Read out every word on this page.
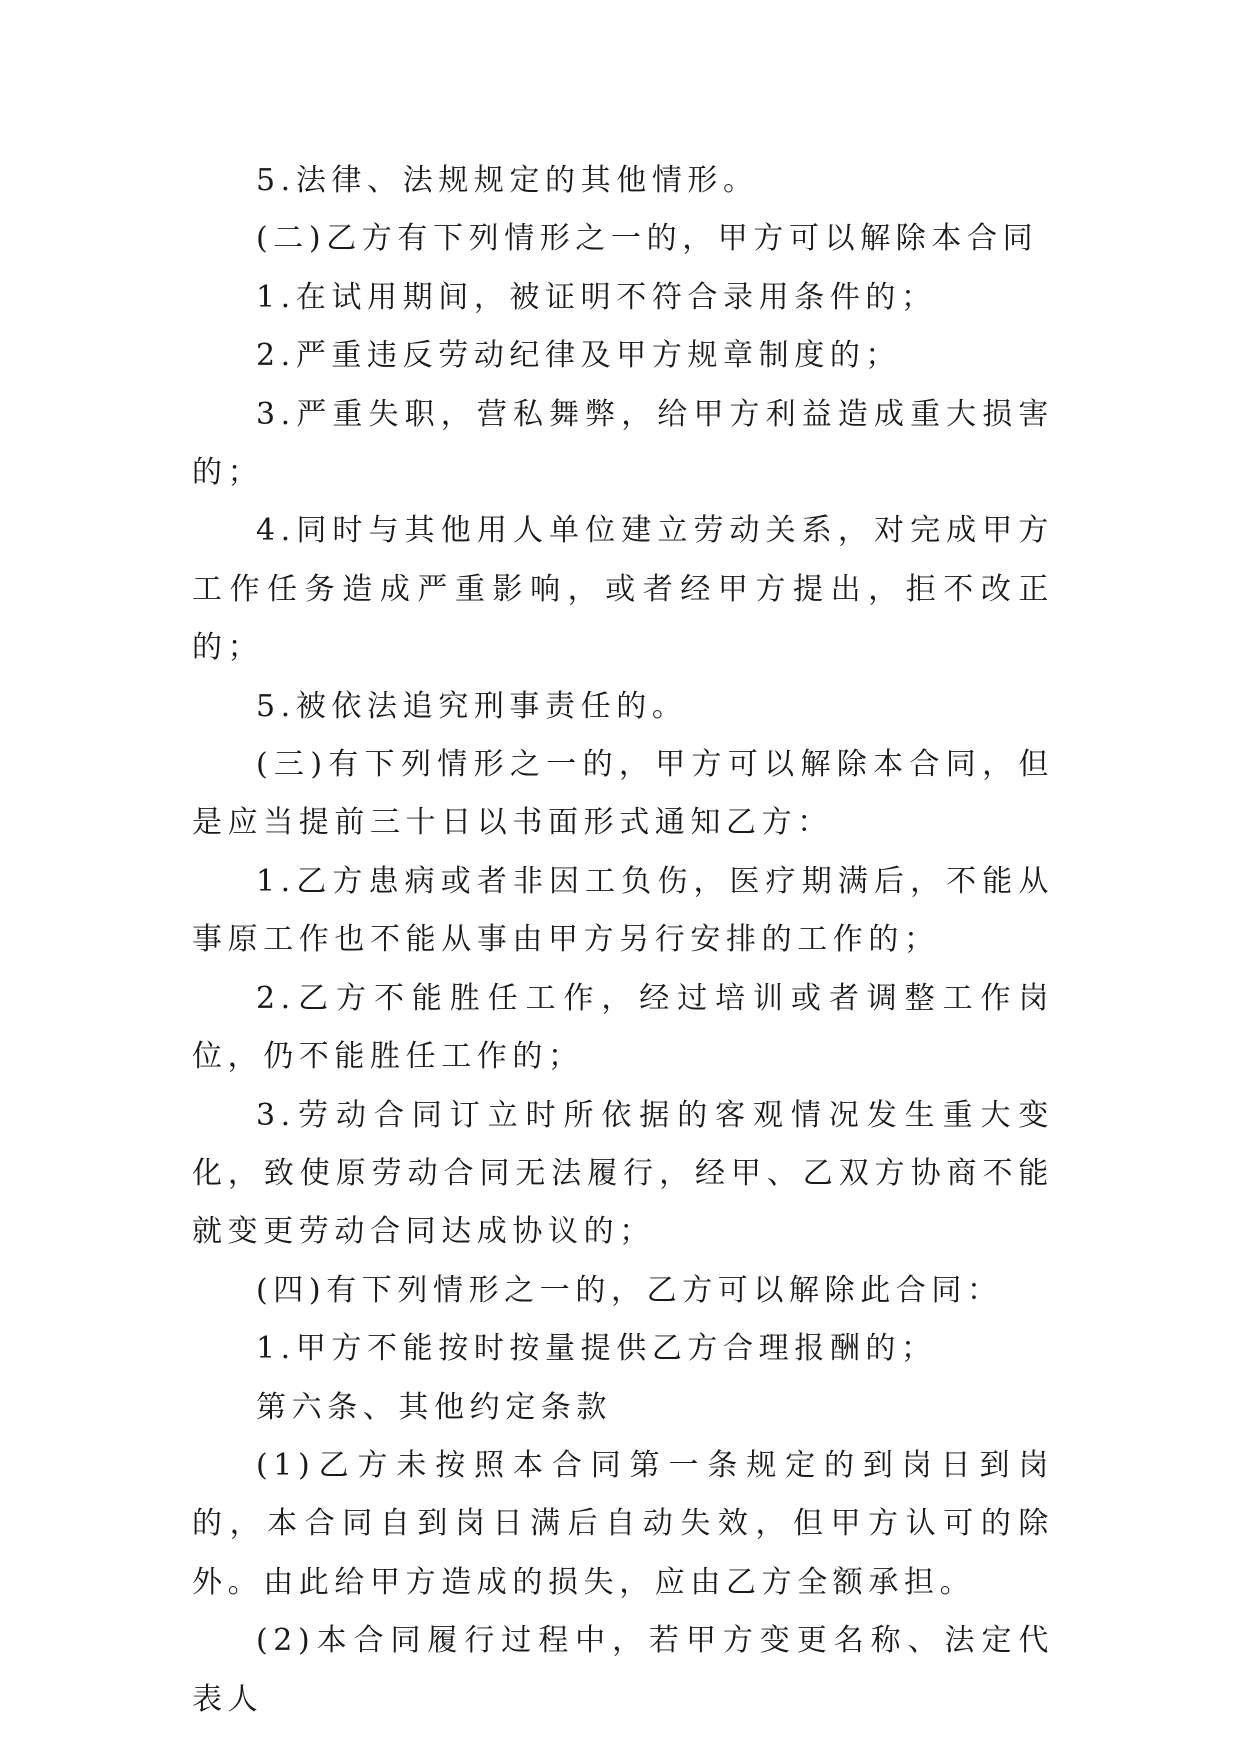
5.法律、法规规定的其他情形。

(二)乙方有下列情形之一的，甲方可以解除本合同

1.在试用期间，被证明不符合录用条件的；

2.严重违反劳动纪律及甲方规章制度的；

3.严重失职，营私舞弊，给甲方利益造成重大损害的；

4.同时与其他用人单位建立劳动关系，对完成甲方工作任务造成严重影响，或者经甲方提出，拒不改正的；

5.被依法追究刑事责任的。

(三)有下列情形之一的，甲方可以解除本合同，但是应当提前三十日以书面形式通知乙方：

1.乙方患病或者非因工负伤，医疗期满后，不能从事原工作也不能从事由甲方另行安排的工作的；

2.乙方不能胜任工作，经过培训或者调整工作岗位，仍不能胜任工作的；

3.劳动合同订立时所依据的客观情况发生重大变化，致使原劳动合同无法履行，经甲、乙双方协商不能就变更劳动合同达成协议的；

(四)有下列情形之一的，乙方可以解除此合同：

1.甲方不能按时按量提供乙方合理报酬的；

第六条、其他约定条款

(1)乙方未按照本合同第一条规定的到岗日到岗的，本合同自到岗日满后自动失效，但甲方认可的除外。由此给甲方造成的损失，应由乙方全额承担。

(2)本合同履行过程中，若甲方变更名称、法定代表人
